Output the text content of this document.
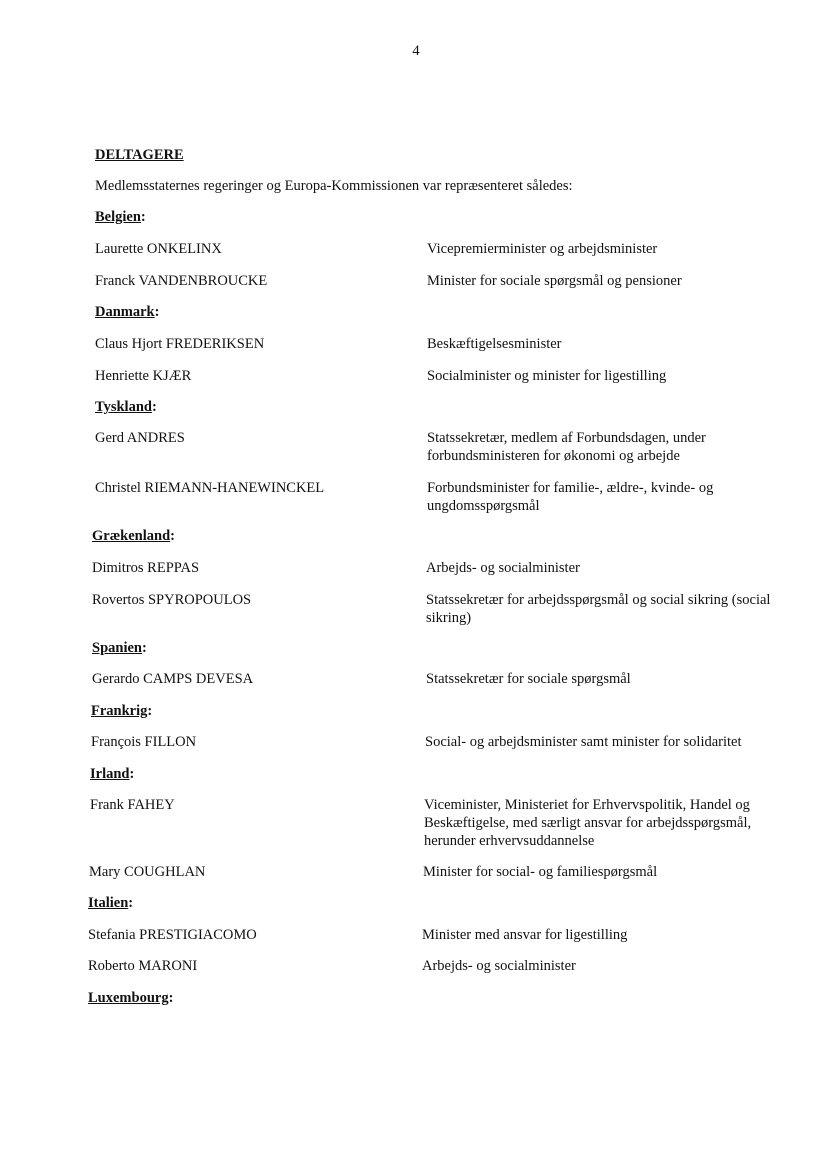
4
DELTAGERE
Medlemsstaternes regeringer og Europa-Kommissionen var repræsenteret således:
Belgien:
Laurette ONKELINX	Vicepremierminister og arbejdsminister
Franck VANDENBROUCKE	Minister for sociale spørgsmål og pensioner
Danmark:
Claus Hjort FREDERIKSEN	Beskæftigelsesminister
Henriette KJÆR	Socialminister og minister for ligestilling
Tyskland:
Gerd ANDRES	Statssekretær, medlem af Forbundsdagen, under forbundsministeren for økonomi og arbejde
Christel RIEMANN-HANEWINCKEL	Forbundsminister for familie-, ældre-, kvinde- og ungdomsspørgsmål
Grækenland:
Dimitros REPPAS	Arbejds- og socialminister
Rovertos SPYROPOULOS	Statssekretær for arbejdsspørgsmål og social sikring (social sikring)
Spanien:
Gerardo CAMPS DEVESA	Statssekretær for sociale spørgsmål
Frankrig:
François FILLON	Social- og arbejdsminister samt minister for solidaritet
Irland:
Frank FAHEY	Viceminister, Ministeriet for Erhvervspolitik, Handel og Beskæftigelse, med særligt ansvar for arbejdsspørgsmål, herunder erhvervsuddannelse
Mary COUGHLAN	Minister for social- og familiespørgsmål
Italien:
Stefania PRESTIGIACOMO	Minister med ansvar for ligestilling
Roberto MARONI	Arbejds- og socialminister
Luxembourg:
